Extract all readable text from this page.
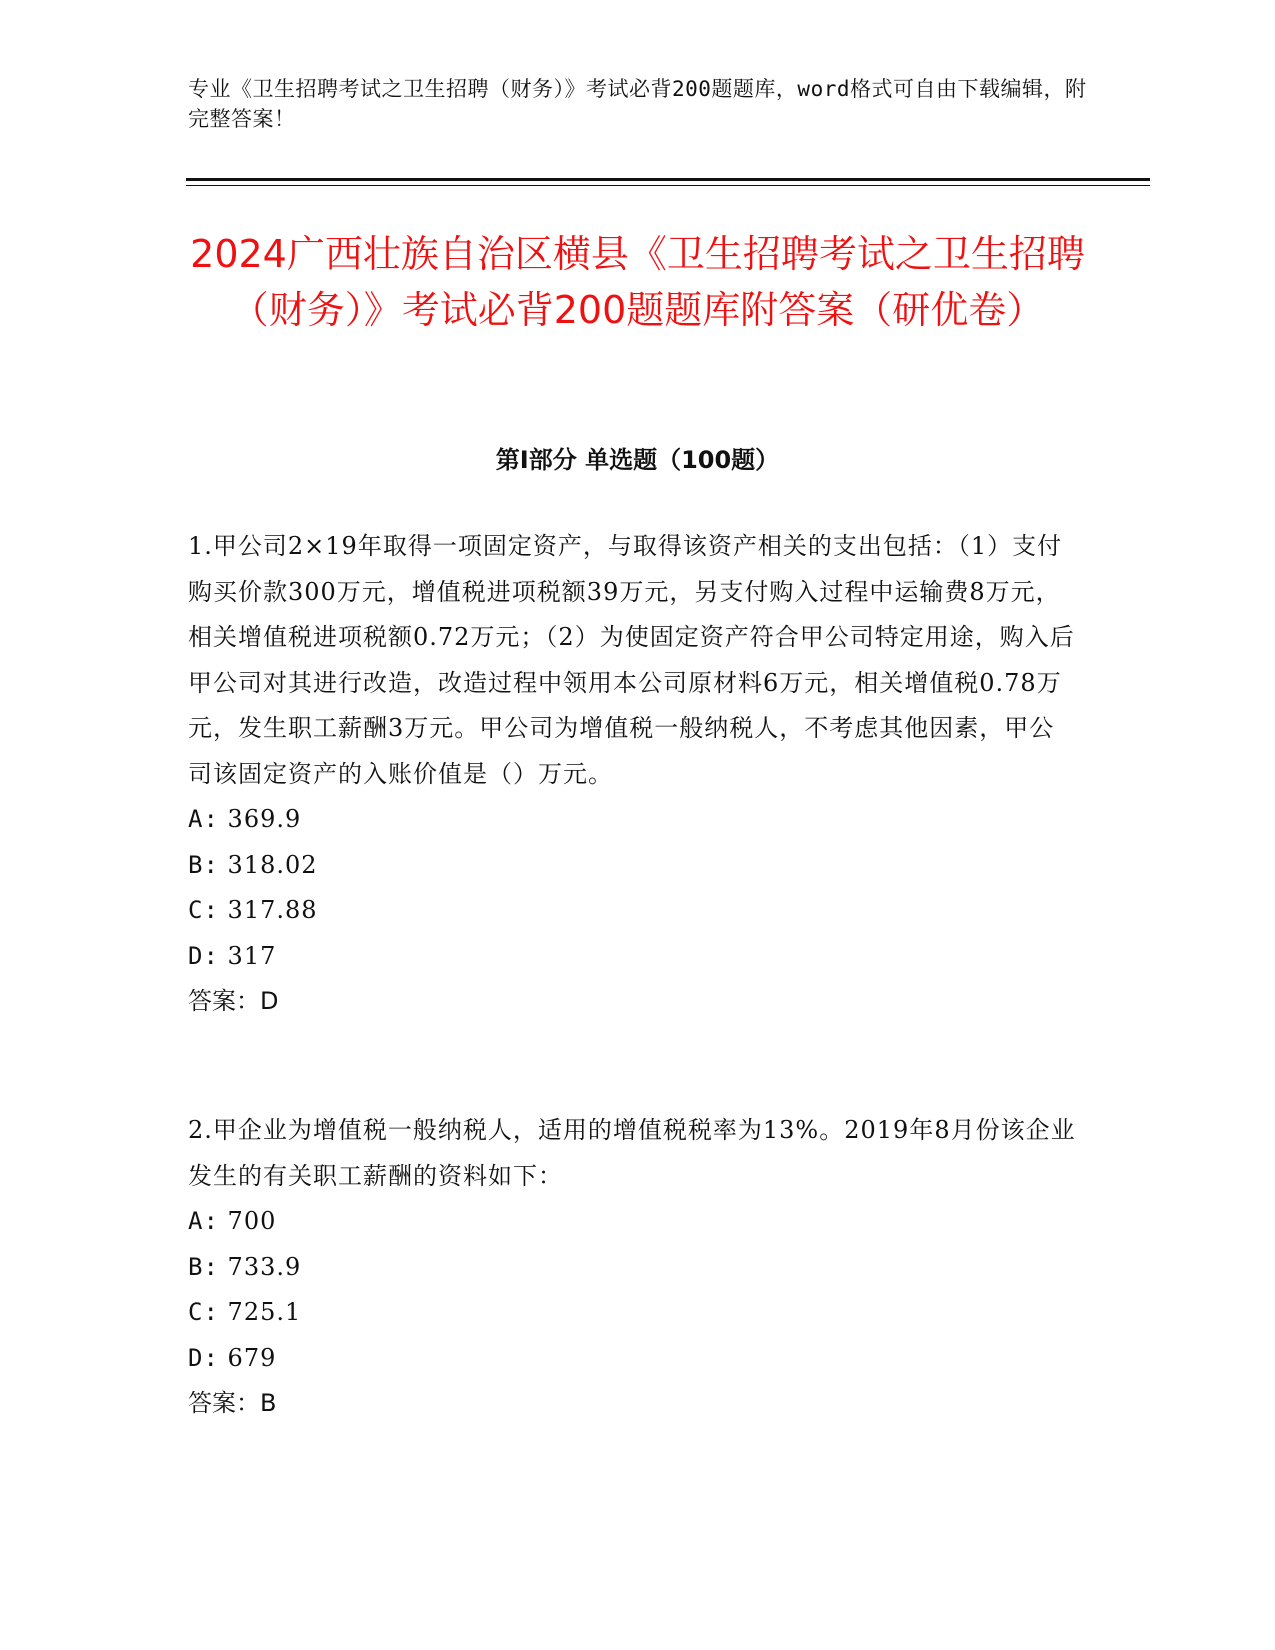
专业《卫生招聘考试之卫生招聘（财务）》考试必背200题题库，word格式可自由下载编辑，附完整答案！
2024广西壮族自治区横县《卫生招聘考试之卫生招聘（财务）》考试必背200题题库附答案（研优卷）
第I部分 单选题（100题）

1.甲公司2×19年取得一项固定资产，与取得该资产相关的支出包括：（1）支付购买价款300万元，增值税进项税额39万元，另支付购入过程中运输费8万元，相关增值税进项税额0.72万元；（2）为使固定资产符合甲公司特定用途，购入后甲公司对其进行改造，改造过程中领用本公司原材料6万元，相关增值税0.78万元，发生职工薪酬3万元。甲公司为增值税一般纳税人，不考虑其他因素，甲公司该固定资产的入账价值是（）万元。

A: 369.9

B: 318.02

C: 317.88

D: 317

答案：D

2.甲企业为增值税一般纳税人，适用的增值税税率为13%。2019年8月份该企业发生的有关职工薪酬的资料如下：

A: 700

B: 733.9

C: 725.1

D: 679

答案：B
